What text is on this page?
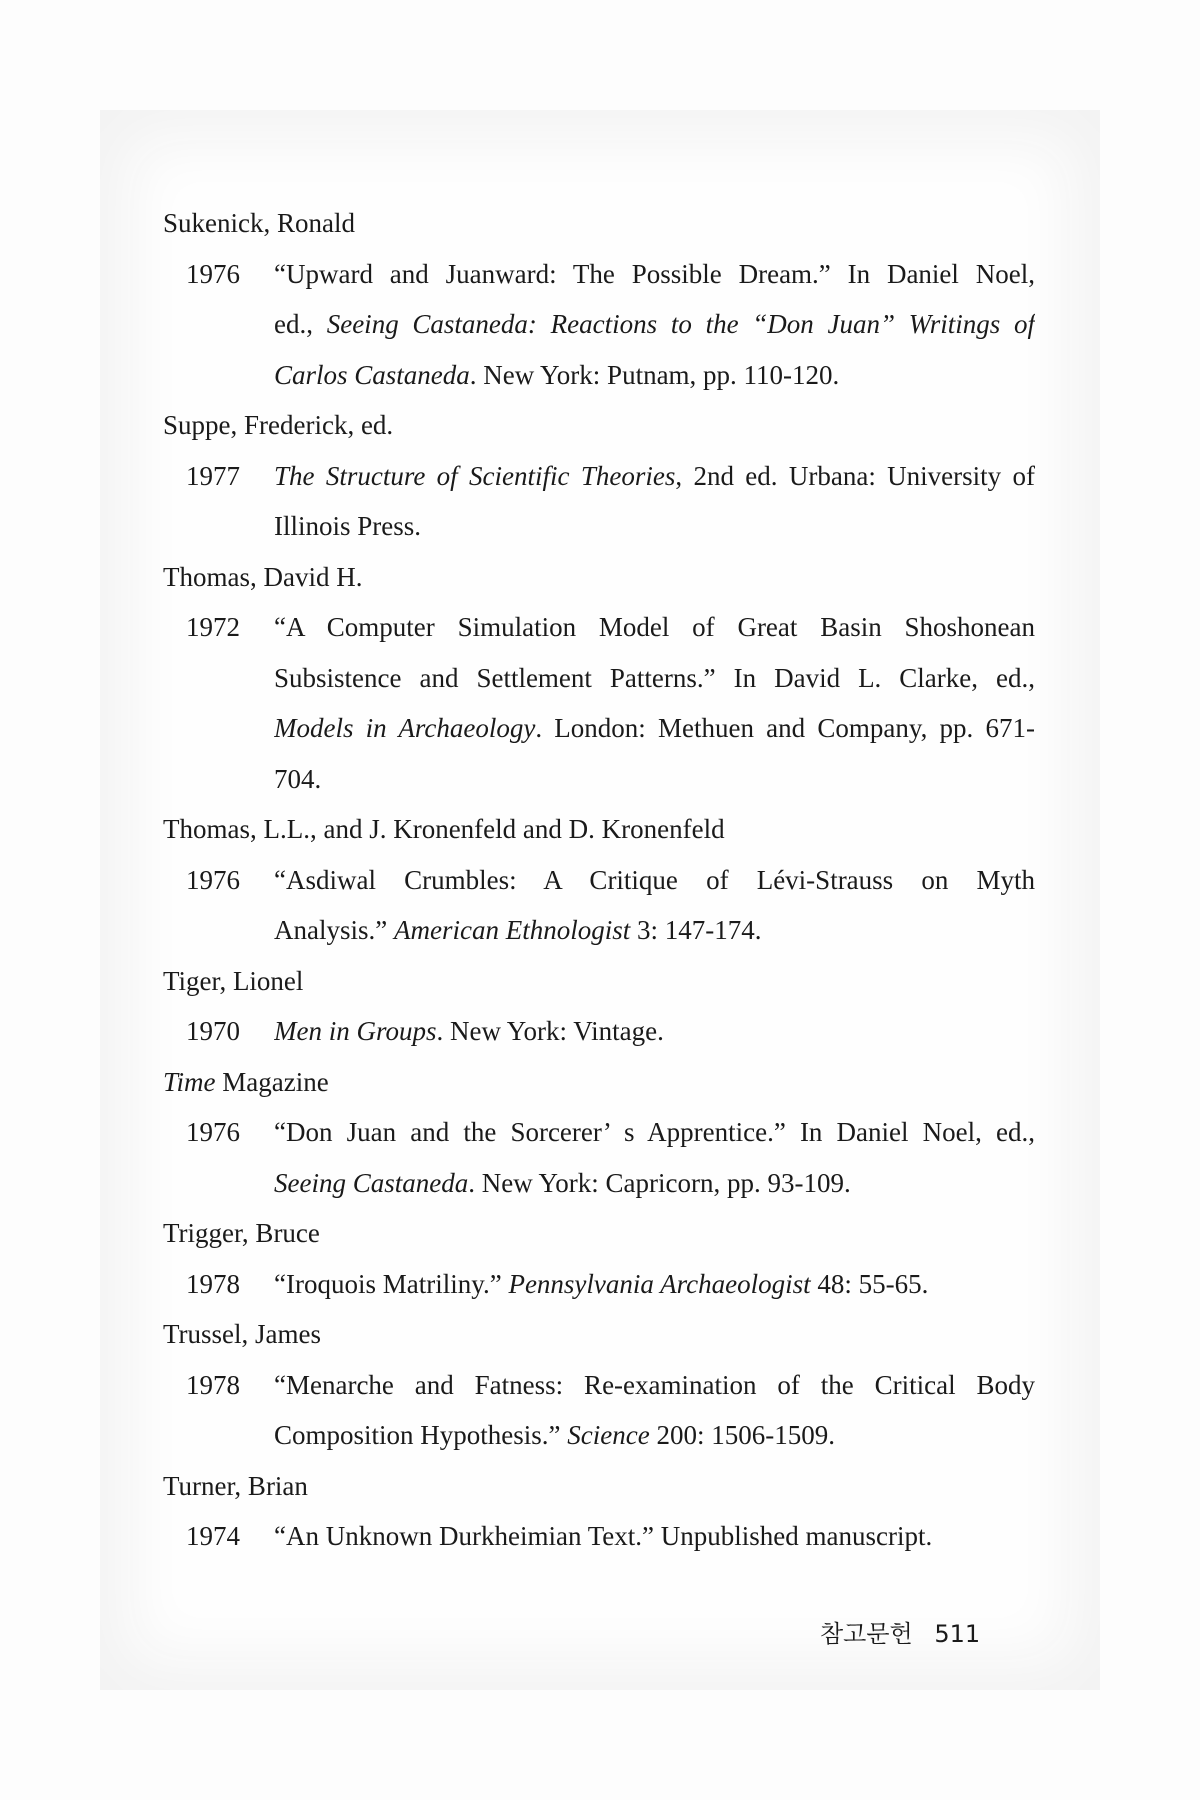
Sukenick, Ronald
1976	“Upward and Juanward: The Possible Dream.” In Daniel Noel,
ed., Seeing Castaneda: Reactions to the “Don Juan” Writings of
Carlos Castaneda. New York: Putnam, pp. 110-120.
Suppe, Frederick, ed.
1977	The Structure of Scientific Theories, 2nd ed. Urbana: University of
Illinois Press.
Thomas, David H.
1972	“A Computer Simulation Model of Great Basin Shoshonean
Subsistence and Settlement Patterns.” In David L. Clarke, ed.,
Models in Archaeology. London: Methuen and Company, pp. 671-
704.
Thomas, L.L., and J. Kronenfeld and D. Kronenfeld
1976	“Asdiwal Crumbles: A Critique of Lévi-Strauss on Myth
Analysis.” American Ethnologist 3: 147-174.
Tiger, Lionel
1970	Men in Groups. New York: Vintage.
Time Magazine
1976	“Don Juan and the Sorcerer’ s Apprentice.” In Daniel Noel, ed.,
Seeing Castaneda. New York: Capricorn, pp. 93-109.
Trigger, Bruce
1978	“Iroquois Matriliny.” Pennsylvania Archaeologist 48: 55-65.
Trussel, James
1978	“Menarche and Fatness: Re-examination of the Critical Body
Composition Hypothesis.” Science 200: 1506-1509.
Turner, Brian
1974	“An Unknown Durkheimian Text.” Unpublished manuscript.
참고문헌 511
